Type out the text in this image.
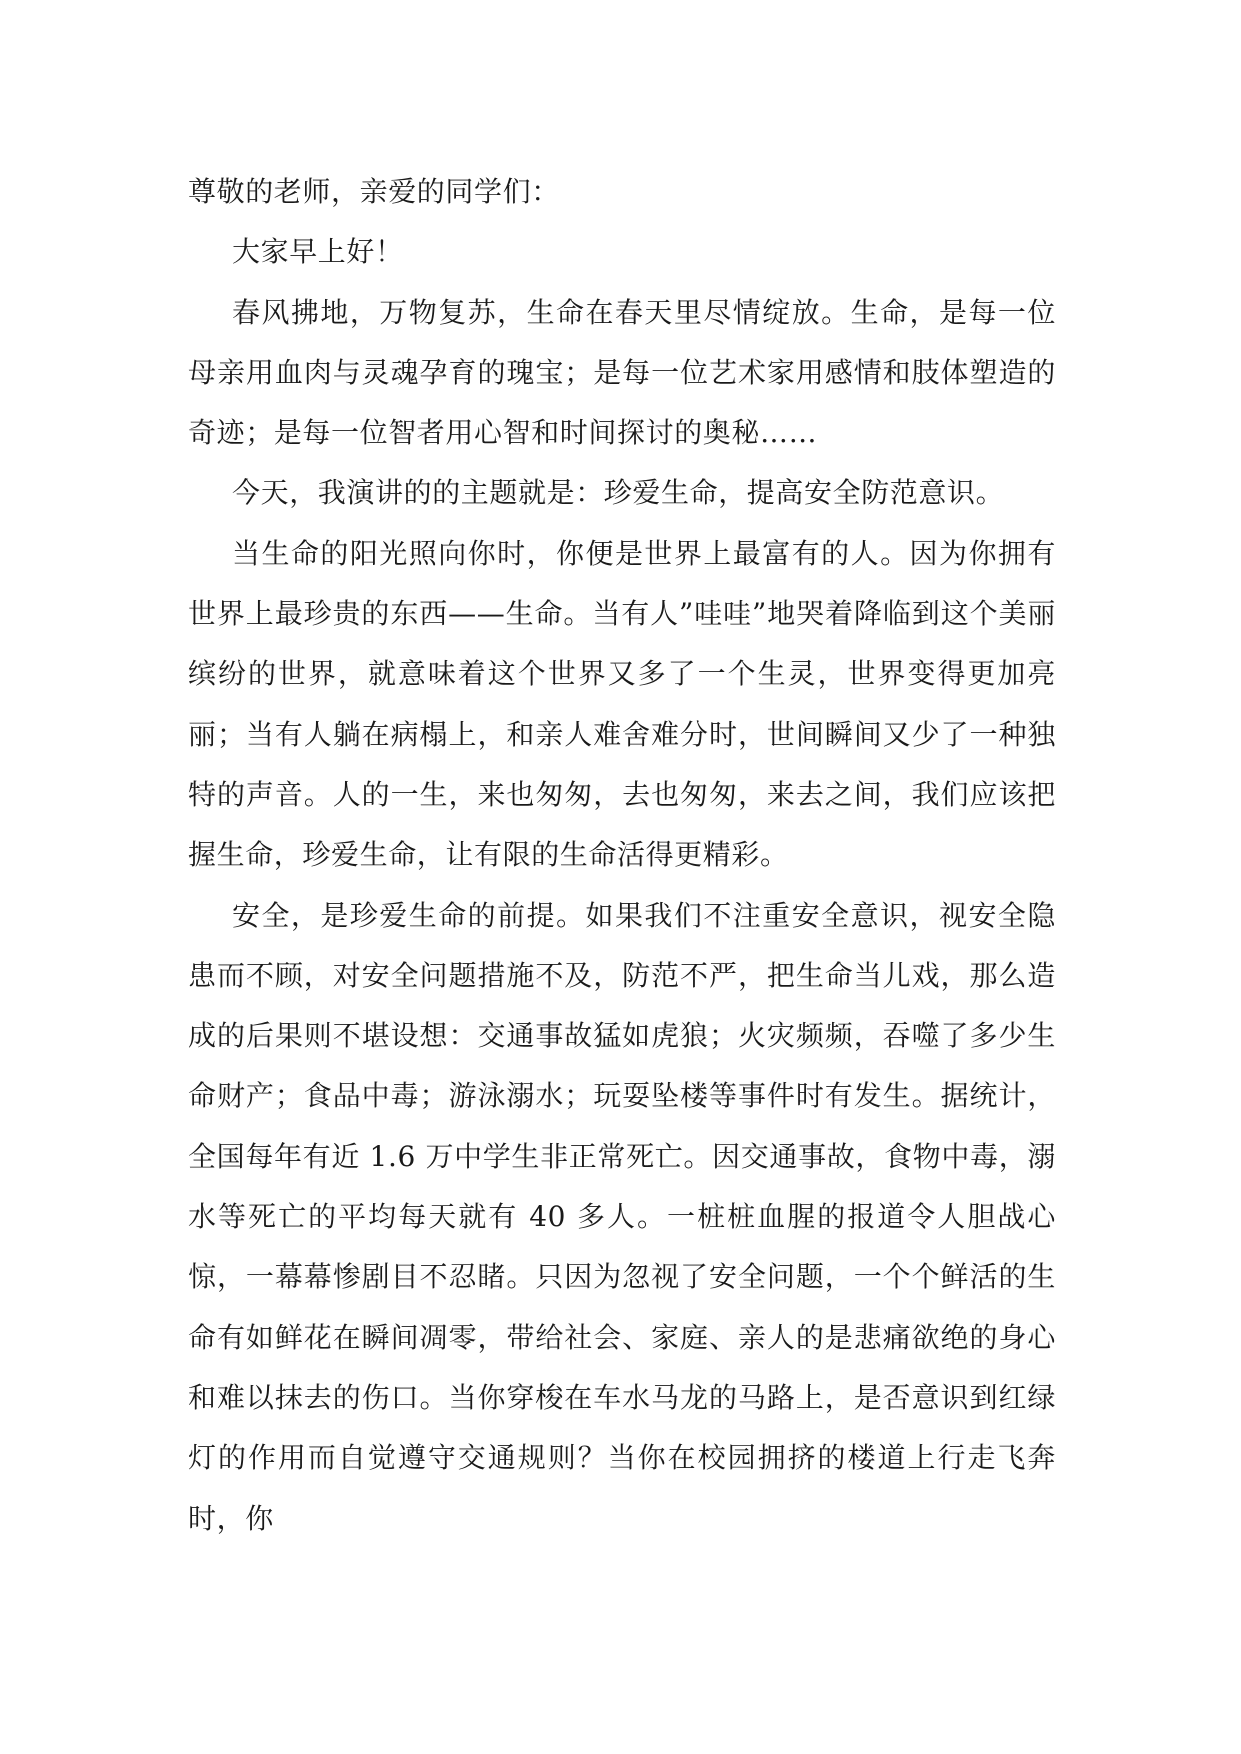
尊敬的老师，亲爱的同学们：

大家早上好！

春风拂地，万物复苏，生命在春天里尽情绽放。生命，是每一位母亲用血肉与灵魂孕育的瑰宝；是每一位艺术家用感情和肢体塑造的奇迹；是每一位智者用心智和时间探讨的奥秘……

今天，我演讲的的主题就是：珍爱生命，提高安全防范意识。

当生命的阳光照向你时，你便是世界上最富有的人。因为你拥有世界上最珍贵的东西——生命。当有人”哇哇”地哭着降临到这个美丽缤纷的世界，就意味着这个世界又多了一个生灵，世界变得更加亮丽；当有人躺在病榻上，和亲人难舍难分时，世间瞬间又少了一种独特的声音。人的一生，来也匆匆，去也匆匆，来去之间，我们应该把握生命，珍爱生命，让有限的生命活得更精彩。

安全，是珍爱生命的前提。如果我们不注重安全意识，视安全隐患而不顾，对安全问题措施不及，防范不严，把生命当儿戏，那么造成的后果则不堪设想：交通事故猛如虎狼；火灾频频，吞噬了多少生命财产；食品中毒；游泳溺水；玩耍坠楼等事件时有发生。据统计，全国每年有近 1.6 万中学生非正常死亡。因交通事故，食物中毒，溺水等死亡的平均每天就有 40 多人。一桩桩血腥的报道令人胆战心惊，一幕幕惨剧目不忍睹。只因为忽视了安全问题，一个个鲜活的生命有如鲜花在瞬间凋零，带给社会、家庭、亲人的是悲痛欲绝的身心和难以抹去的伤口。当你穿梭在车水马龙的马路上，是否意识到红绿灯的作用而自觉遵守交通规则？当你在校园拥挤的楼道上行走飞奔时，你
